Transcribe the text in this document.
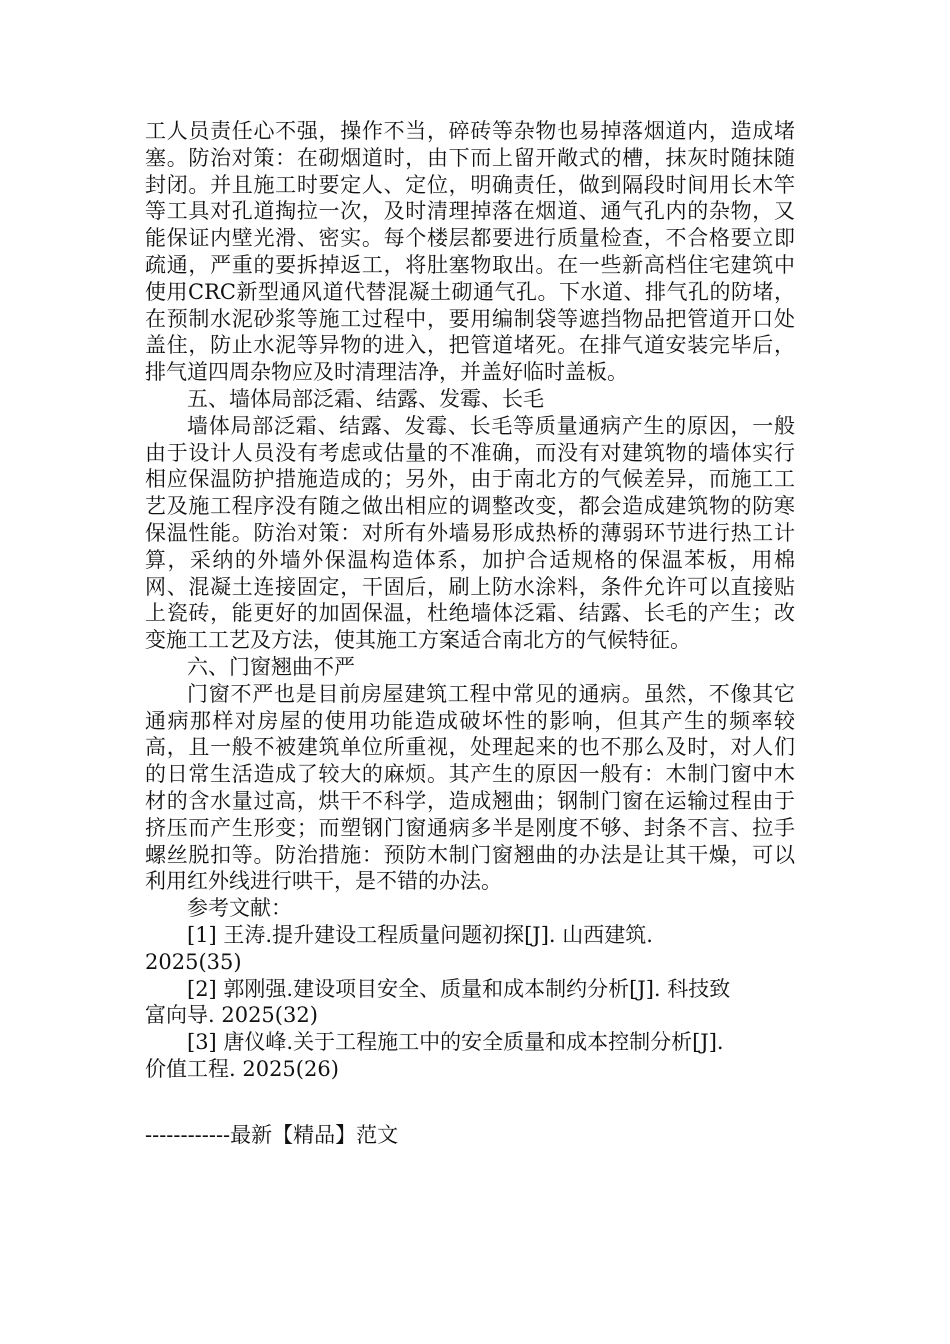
工人员责任心不强，操作不当，碎砖等杂物也易掉落烟道内，造成堵塞。防治对策：在砌烟道时，由下而上留开敞式的槽，抹灰时随抹随封闭。并且施工时要定人、定位，明确责任，做到隔段时间用长木竿等工具对孔道掏拉一次，及时清理掉落在烟道、通气孔内的杂物，又能保证内壁光滑、密实。每个楼层都要进行质量检查，不合格要立即疏通，严重的要拆掉返工，将肚塞物取出。在一些新高档住宅建筑中使用CRC新型通风道代替混凝土砌通气孔。下水道、排气孔的防堵，在预制水泥砂浆等施工过程中，要用编制袋等遮挡物品把管道开口处盖住，防止水泥等异物的进入，把管道堵死。在排气道安装完毕后，排气道四周杂物应及时清理洁净，并盖好临时盖板。

五、墙体局部泛霜、结露、发霉、长毛

墙体局部泛霜、结露、发霉、长毛等质量通病产生的原因，一般由于设计人员没有考虑或估量的不准确，而没有对建筑物的墙体实行相应保温防护措施造成的；另外，由于南北方的气候差异，而施工工艺及施工程序没有随之做出相应的调整改变，都会造成建筑物的防寒保温性能。防治对策：对所有外墙易形成热桥的薄弱环节进行热工计算，采纳的外墙外保温构造体系，加护合适规格的保温苯板，用棉网、混凝土连接固定，干固后，刷上防水涂料，条件允许可以直接贴上瓷砖，能更好的加固保温，杜绝墙体泛霜、结露、长毛的产生；改变施工工艺及方法，使其施工方案适合南北方的气候特征。

六、门窗翘曲不严

门窗不严也是目前房屋建筑工程中常见的通病。虽然，不像其它通病那样对房屋的使用功能造成破坏性的影响，但其产生的频率较高，且一般不被建筑单位所重视，处理起来的也不那么及时，对人们的日常生活造成了较大的麻烦。其产生的原因一般有：木制门窗中木材的含水量过高，烘干不科学，造成翘曲；钢制门窗在运输过程由于挤压而产生形变；而塑钢门窗通病多半是刚度不够、封条不言、拉手螺丝脱扣等。防治措施：预防木制门窗翘曲的办法是让其干燥，可以利用红外线进行哄干，是不错的办法。

参考文献：

[1] 王涛.提升建设工程质量问题初探[J]. 山西建筑.

2025(35)

[2] 郭刚强.建设项目安全、质量和成本制约分析[J]. 科技致

富向导. 2025(32)

[3] 唐仪峰.关于工程施工中的安全质量和成本控制分析[J].

价值工程. 2025(26)

------------最新【精品】范文
